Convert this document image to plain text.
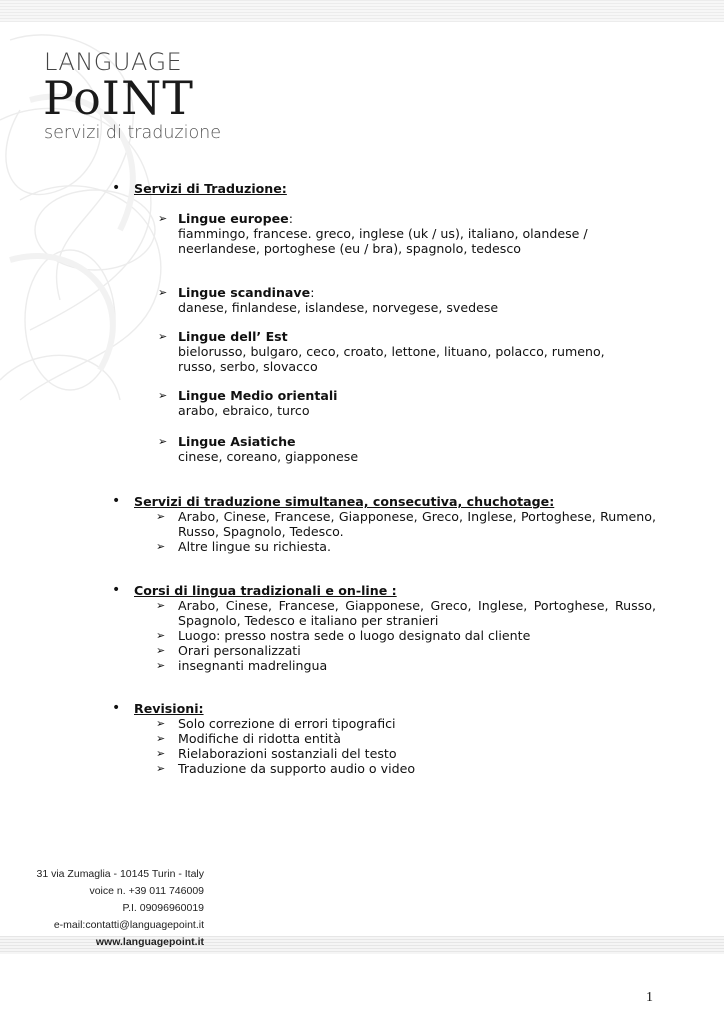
LANGUAGE
PoINT
servizi di traduzione
• Servizi di Traduzione:
➢ Lingue europee:
fiammingo, francese. greco, inglese (uk / us), italiano, olandese / neerlandese, portoghese (eu / bra), spagnolo, tedesco
➢ Lingue scandinave:
danese, finlandese, islandese, norvegese, svedese
➢ Lingue dell’ Est
bielorusso, bulgaro, ceco, croato, lettone, lituano, polacco, rumeno, russo, serbo, slovacco
➢ Lingue Medio orientali
arabo, ebraico, turco
➢ Lingue Asiatiche
cinese, coreano, giapponese
• Servizi di traduzione simultanea, consecutiva, chuchotage:
➢ Arabo, Cinese, Francese, Giapponese, Greco, Inglese, Portoghese, Rumeno, Russo, Spagnolo, Tedesco.
➢ Altre lingue su richiesta.
• Corsi di lingua tradizionali e on-line :
➢ Arabo, Cinese, Francese, Giapponese, Greco, Inglese, Portoghese, Russo, Spagnolo, Tedesco e italiano per stranieri
➢ Luogo: presso nostra sede o luogo designato dal cliente
➢ Orari personalizzati
➢ insegnanti madrelingua
• Revisioni:
➢ Solo correzione di errori tipografici
➢ Modifiche di ridotta entità
➢ Rielaborazioni sostanziali del testo
➢ Traduzione da supporto audio o video
31 via Zumaglia - 10145 Turin - Italy
voice n. +39 011 746009
P.I. 09096960019
e-mail:contatti@languagepoint.it
www.languagepoint.it
1
